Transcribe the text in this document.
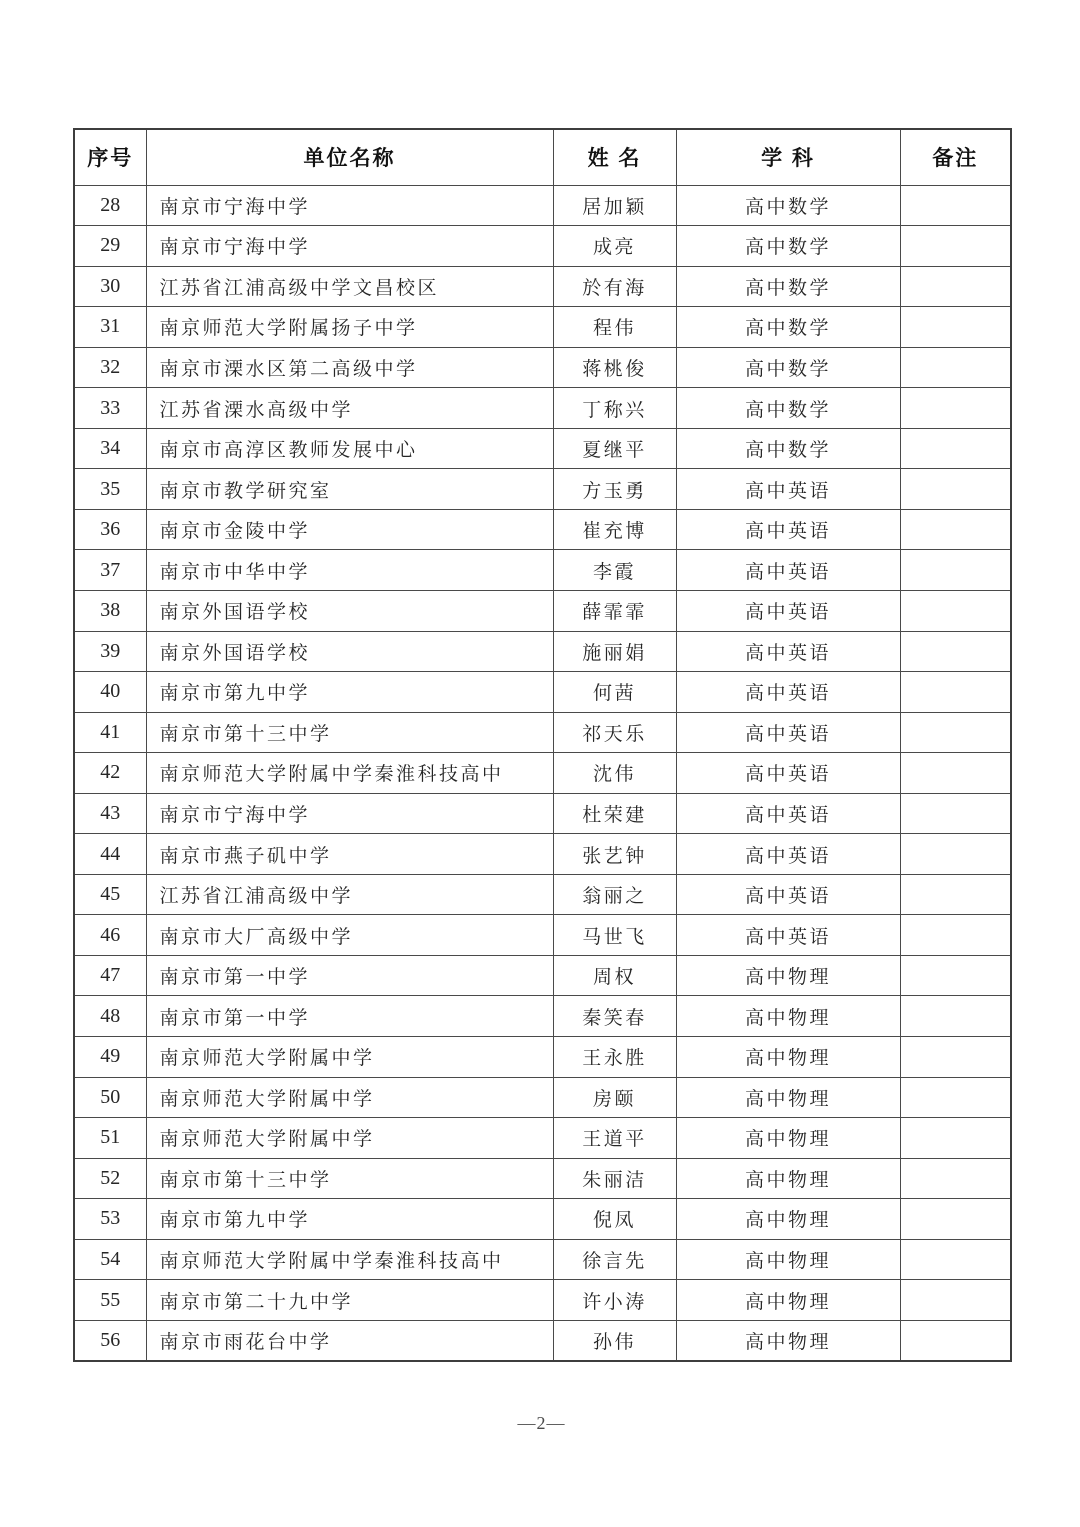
序号	单位名称	姓 名	学 科	备注
28	南京市宁海中学	居加颖	高中数学	
29	南京市宁海中学	成亮	高中数学	
30	江苏省江浦高级中学文昌校区	於有海	高中数学	
31	南京师范大学附属扬子中学	程伟	高中数学	
32	南京市溧水区第二高级中学	蒋桃俊	高中数学	
33	江苏省溧水高级中学	丁称兴	高中数学	
34	南京市高淳区教师发展中心	夏继平	高中数学	
35	南京市教学研究室	方玉勇	高中英语	
36	南京市金陵中学	崔充博	高中英语	
37	南京市中华中学	李霞	高中英语	
38	南京外国语学校	薛霏霏	高中英语	
39	南京外国语学校	施丽娟	高中英语	
40	南京市第九中学	何茜	高中英语	
41	南京市第十三中学	祁天乐	高中英语	
42	南京师范大学附属中学秦淮科技高中	沈伟	高中英语	
43	南京市宁海中学	杜荣建	高中英语	
44	南京市燕子矶中学	张艺钟	高中英语	
45	江苏省江浦高级中学	翁丽之	高中英语	
46	南京市大厂高级中学	马世飞	高中英语	
47	南京市第一中学	周权	高中物理	
48	南京市第一中学	秦笑春	高中物理	
49	南京师范大学附属中学	王永胜	高中物理	
50	南京师范大学附属中学	房颐	高中物理	
51	南京师范大学附属中学	王道平	高中物理	
52	南京市第十三中学	朱丽洁	高中物理	
53	南京市第九中学	倪凤	高中物理	
54	南京师范大学附属中学秦淮科技高中	徐言先	高中物理	
55	南京市第二十九中学	许小涛	高中物理	
56	南京市雨花台中学	孙伟	高中物理	
—2—
